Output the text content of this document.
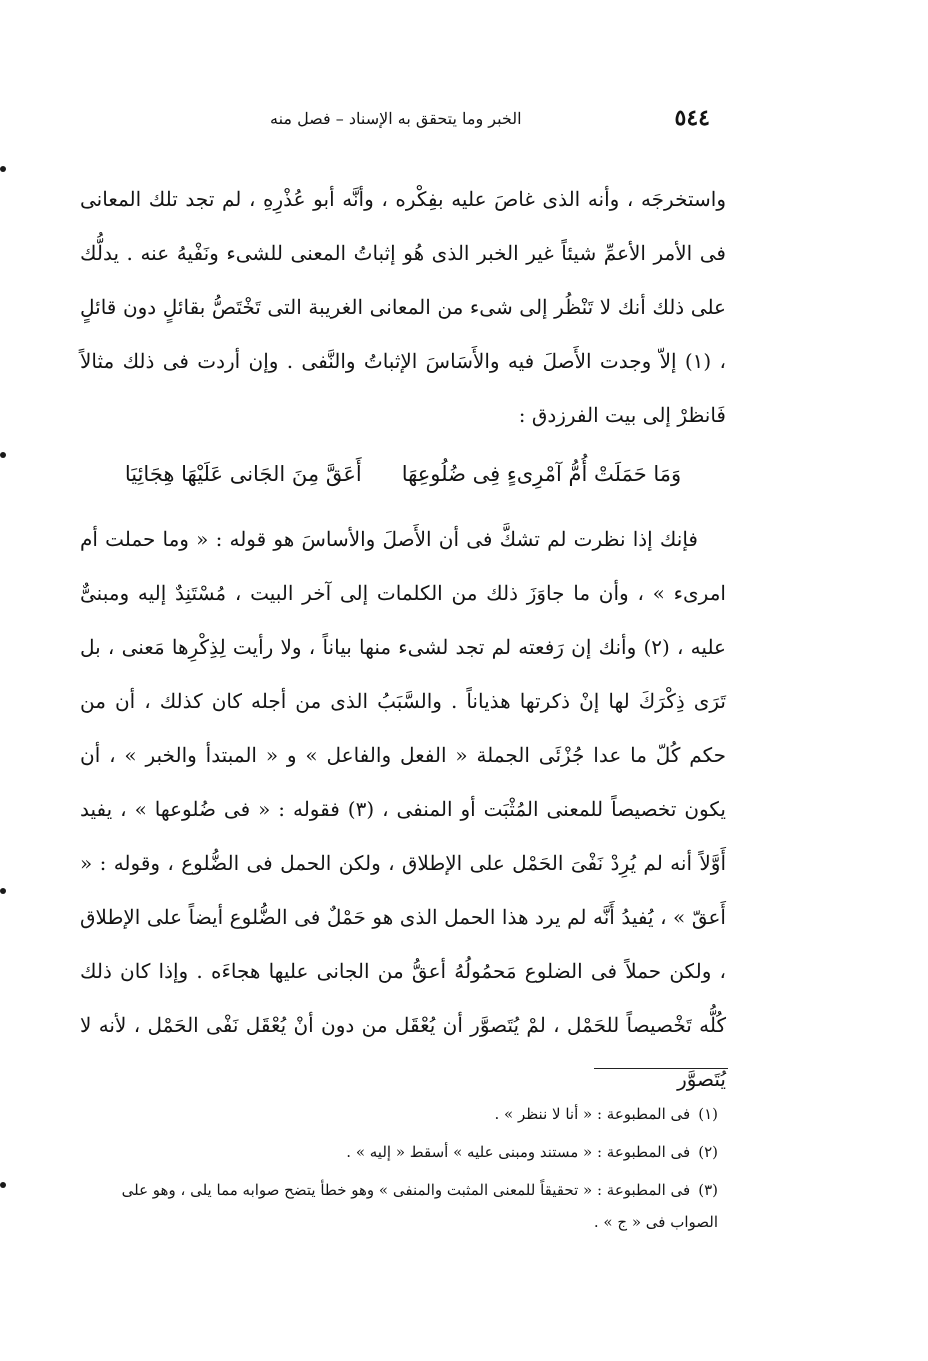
٥٤٤
الخبر وما يتحقق به الإسناد – فصل منه

واستخرجَه ، وأنه الذى غاصَ عليه بفِكْره ، وأنَّه أبو عُذْرِهِ ، لم تجد تلك المعانى فى الأمر الأعمِّ شيئاً غير الخبر الذى هُو إثباتُ المعنى للشىء ونَفْيهُ عنه . يدلُّك على ذلك أنك لا تَنْظُر إلى شىء من المعانى الغريبة التى تَخْتَصُّ بقائلٍ دون قائلٍ ، (١) إلاّ وجدت الأَصلَ فيه والأَسَاسَ الإثباتُ والنَّفى . وإن أردت فى ذلك مثالاً فَانظرْ إلى بيت الفرزدق :

وَمَا حَمَلَتْ أُمُّ آمْرِىءٍ فِى ضُلُوعِهَا
أَعَقَّ مِنَ الجَانى عَلَيْهَا هِجَائِيَا

فإنك إذا نظرت لم تشكَّ فى أن الأَصلَ والأساسَ هو قوله : « وما حملت أم امرىء » ، وأن ما جاوَزَ ذلك من الكلمات إلى آخر البيت ، مُسْتَنِدٌ إليه ومبنىٌّ عليه ، (٢) وأنك إن رَفعته لم تجد لشىء منها بياناً ، ولا رأيت لِذِكْرِها مَعنى ، بل تَرَى ذِكْرَكَ لها إنْ ذكرتها هذياناً . والسَّبَبُ الذى من أجله كان كذلك ، أن من حكم كُلّ ما عدا جُزْئَى الجملة « الفعل والفاعل » و « المبتدأ والخبر » ، أن يكون تخصيصاً للمعنى المُثْبَت أو المنفى ، (٣) فقوله : « فى ضُلوعها » ، يفيد أَوَّلاً أنه لم يُرِدْ نَفْىَ الحَمْل على الإطلاق ، ولكن الحمل فى الضُّلوع ، وقوله : « أَعقّ » ، يُفيدُ أَنَّه لم يرد هذا الحمل الذى هو حَمْلٌ فى الضُّلوع أيضاً على الإطلاق ، ولكن حملاً فى الضلوع مَحمُولُهُ أعقُّ من الجانى عليها هجاءَه . وإذا كان ذلك كُلُّه تَخْصيصاً للحَمْل ، لمْ يُتَصوَّر أن يُعْقَل من دون أنْ يُعْقَل نَفْى الحَمْل ، لأنه لا يُتَصوَّر

(١)فى المطبوعة : « أنا لا ننظر » .

(٢)فى المطبوعة : « مستند ومبنى عليه » أسقط « إليه » .

(٣)فى المطبوعة : « تحقيقاً للمعنى المثبت والمنفى » وهو خطأ يتضح صوابه مما يلى ، وهو على الصواب فى « ج » .
